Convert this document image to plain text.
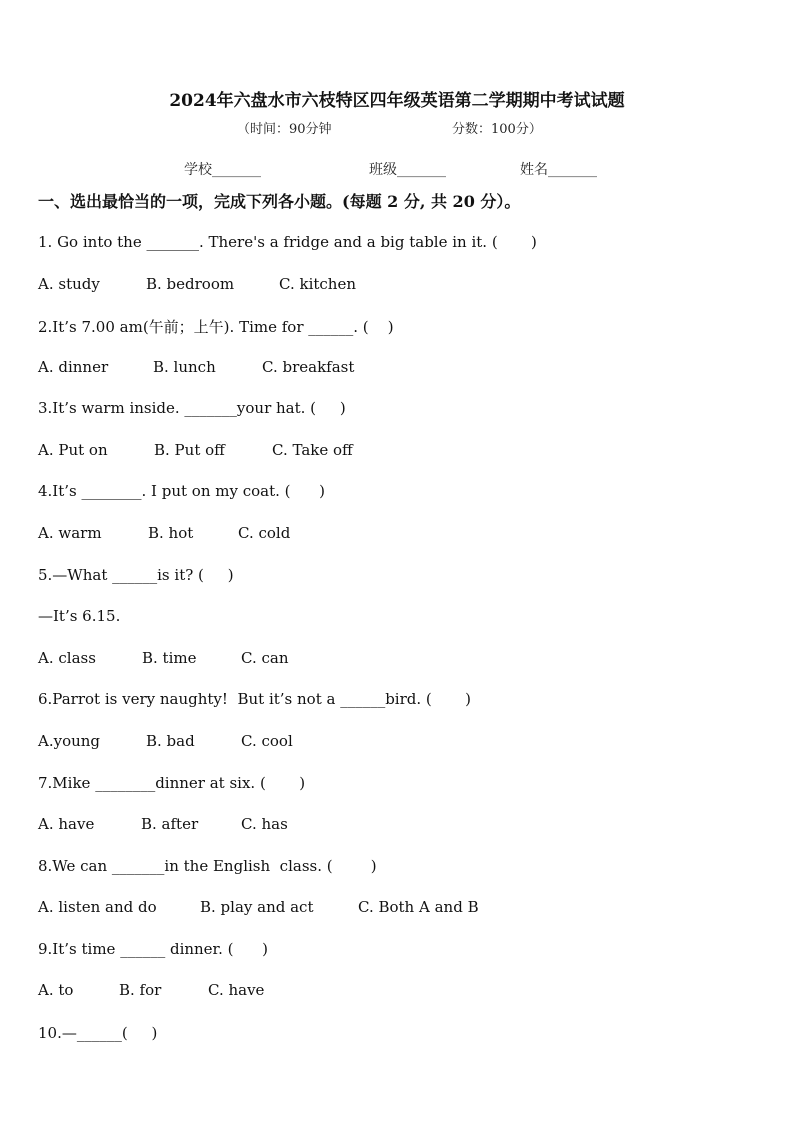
2024年六盘水市六枝特区四年级英语第二学期期中考试试题
（时间：90分钟	分数：100分）
学校_______	班级_______	姓名_______
一、选出最恰当的一项，完成下列各小题。(每题 2 分, 共 20 分）。
1. Go into the _______. There's a fridge and a big table in it. (       )
A. study	B. bedroom	C. kitchen
2.It’s 7.00 am(午前；上午). Time for ______. (    )
A. dinner	B. lunch	C. breakfast
3.It’s warm inside. _______your hat. (     )
A. Put on	B. Put off	C. Take off
4.It’s ________. I put on my coat. (      )
A. warm	B. hot	C. cold
5.—What ______is it? (     )
—It’s 6.15.
A. class	B. time	C. can
6.Parrot is very naughty!  But it’s not a ______bird. (       )
A.young	B. bad	C. cool
7.Mike ________dinner at six. (       )
A. have	B. after	C. has
8.We can _______in the English  class. (        )
A. listen and do	B. play and act	C. Both A and B
9.It’s time ______ dinner. (      )
A. to	B. for	C. have
10.—______(     )
